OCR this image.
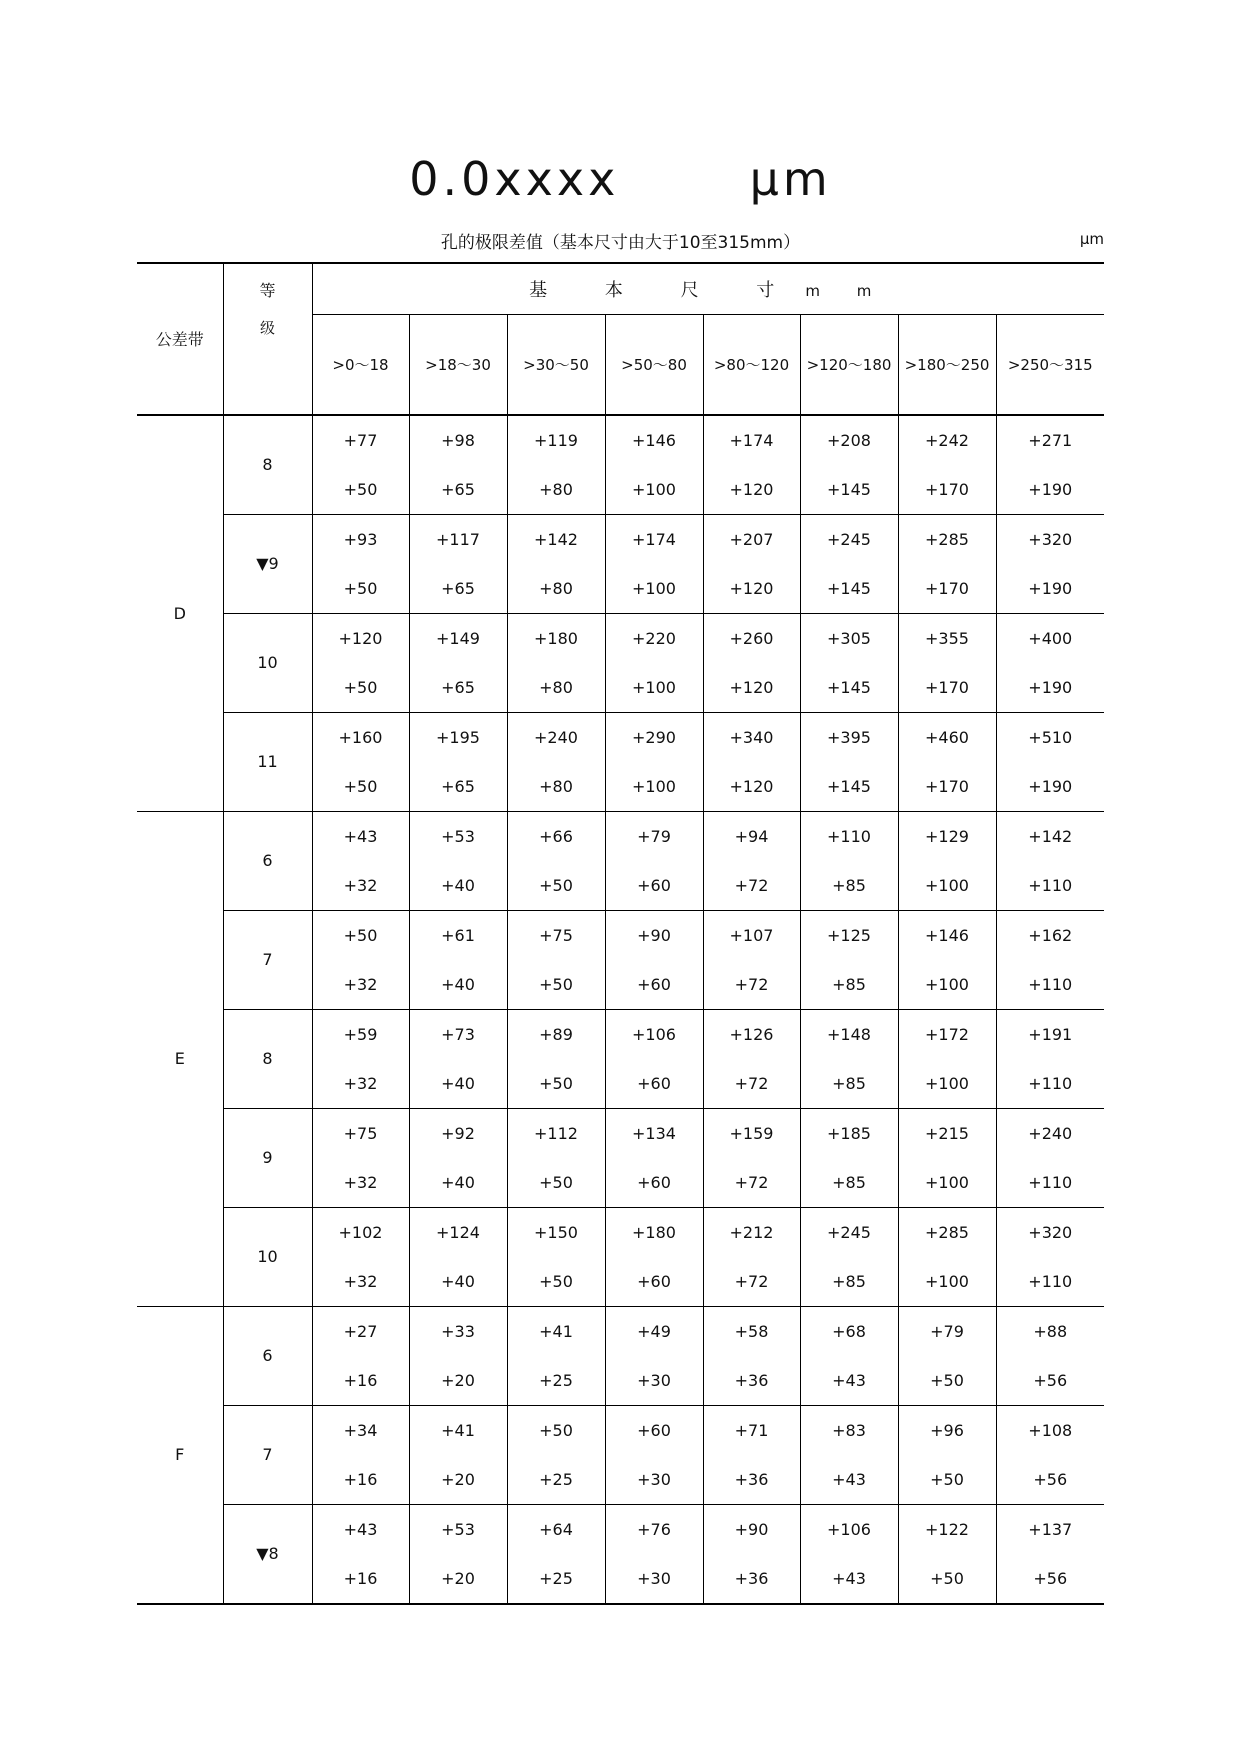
0.0xxxx       μm
孔的极限差值（基本尺寸由大于10至315mm）	μm
公差带	等	基 本 尺 寸 m m							
	级	>0～18	>18～30	>30～50	>50～80	>80～120	>120～180	>180～250	>250～315
D	8	+77	+98	+119	+146	+174	+208	+242	+271
		+50	+65	+80	+100	+120	+145	+170	+190
	▼9	+93	+117	+142	+174	+207	+245	+285	+320
		+50	+65	+80	+100	+120	+145	+170	+190
	10	+120	+149	+180	+220	+260	+305	+355	+400
		+50	+65	+80	+100	+120	+145	+170	+190
	11	+160	+195	+240	+290	+340	+395	+460	+510
		+50	+65	+80	+100	+120	+145	+170	+190
E	6	+43	+53	+66	+79	+94	+110	+129	+142
		+32	+40	+50	+60	+72	+85	+100	+110
	7	+50	+61	+75	+90	+107	+125	+146	+162
		+32	+40	+50	+60	+72	+85	+100	+110
	8	+59	+73	+89	+106	+126	+148	+172	+191
		+32	+40	+50	+60	+72	+85	+100	+110
	9	+75	+92	+112	+134	+159	+185	+215	+240
		+32	+40	+50	+60	+72	+85	+100	+110
	10	+102	+124	+150	+180	+212	+245	+285	+320
		+32	+40	+50	+60	+72	+85	+100	+110
F	6	+27	+33	+41	+49	+58	+68	+79	+88
		+16	+20	+25	+30	+36	+43	+50	+56
	7	+34	+41	+50	+60	+71	+83	+96	+108
		+16	+20	+25	+30	+36	+43	+50	+56
	▼8	+43	+53	+64	+76	+90	+106	+122	+137
		+16	+20	+25	+30	+36	+43	+50	+56
